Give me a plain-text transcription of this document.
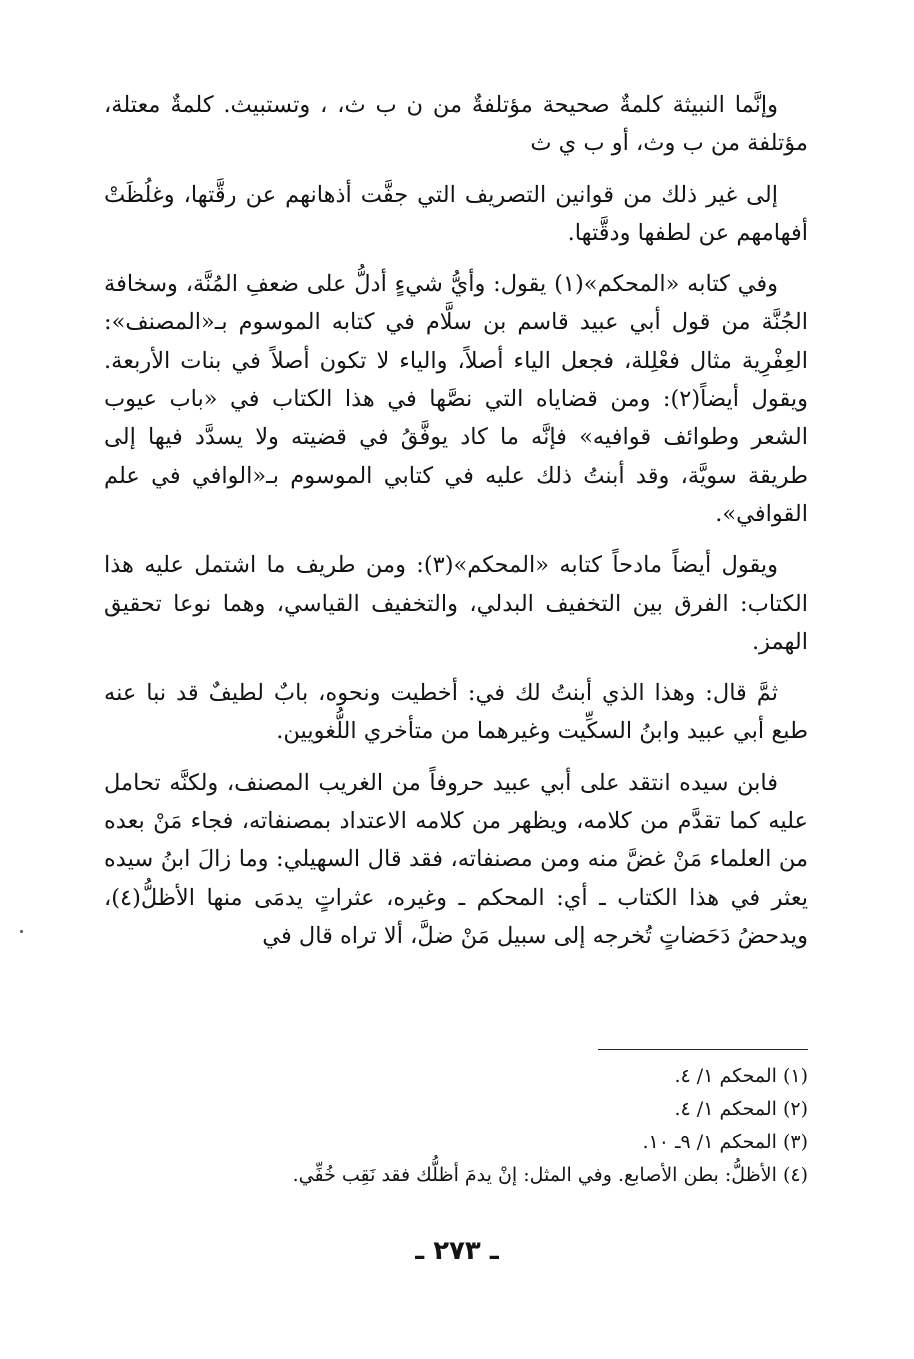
وإنَّما النبيثة كلمةٌ صحيحة مؤتلفةٌ من ن ب ث، ، وتستبيث. كلمةٌ معتلة، مؤتلفة من ب وث، أو ب ي ث

إلى غير ذلك من قوانين التصريف التي جفَّت أذهانهم عن رقَّتها، وغلُظَتْ أفهامهم عن لطفها ودقَّتها.

وفي كتابه «المحكم»(١) يقول: وأيُّ شيءٍ أدلُّ على ضعفِ المُنَّة، وسخافة الجُنَّة من قول أبي عبيد قاسم بن سلَّام في كتابه الموسوم بـ«المصنف»: العِفْرِية مثال فعْلِلة، فجعل الياء أصلاً، والياء لا تكون أصلاً في بنات الأربعة. ويقول أيضاً(٢): ومن قضاياه التي نصَّها في هذا الكتاب في «باب عيوب الشعر وطوائف قوافيه» فإنَّه ما كاد يوفَّقُ في قضيته ولا يسدَّد فيها إلى طريقة سويَّة، وقد أبنتُ ذلك عليه في كتابي الموسوم بـ«الوافي في علم القوافي».

ويقول أيضاً مادحاً كتابه «المحكم»(٣): ومن طريف ما اشتمل عليه هذا الكتاب: الفرق بين التخفيف البدلي، والتخفيف القياسي، وهما نوعا تحقيق الهمز.

ثمَّ قال: وهذا الذي أبنتُ لك في: أخطيت ونحوه، بابٌ لطيفٌ قد نبا عنه طبع أبي عبيد وابنُ السكِّيت وغيرهما من متأخري اللُّغويين.

فابن سيده انتقد على أبي عبيد حروفاً من الغريب المصنف، ولكنَّه تحامل عليه كما تقدَّم من كلامه، ويظهر من كلامه الاعتداد بمصنفاته، فجاء مَنْ بعده من العلماء مَنْ غضَّ منه ومن مصنفاته، فقد قال السهيلي: وما زالَ ابنُ سيده يعثر في هذا الكتاب ـ أي: المحكم ـ وغيره، عثراتٍ يدمَى منها الأظلُّ(٤)، ويدحضُ دَحَضاتٍ تُخرجه إلى سبيل مَنْ ضلَّ، ألا تراه قال في

(١) المحكم ١/ ٤.

(٢) المحكم ١/ ٤.

(٣) المحكم ١/ ٩ـ ١٠.

(٤) الأظلُّ: بطن الأصابع. وفي المثل: إنْ يدمَ أظلُّك فقد نَقِب خُفِّي.

ـ ٢٧٣ ـ
